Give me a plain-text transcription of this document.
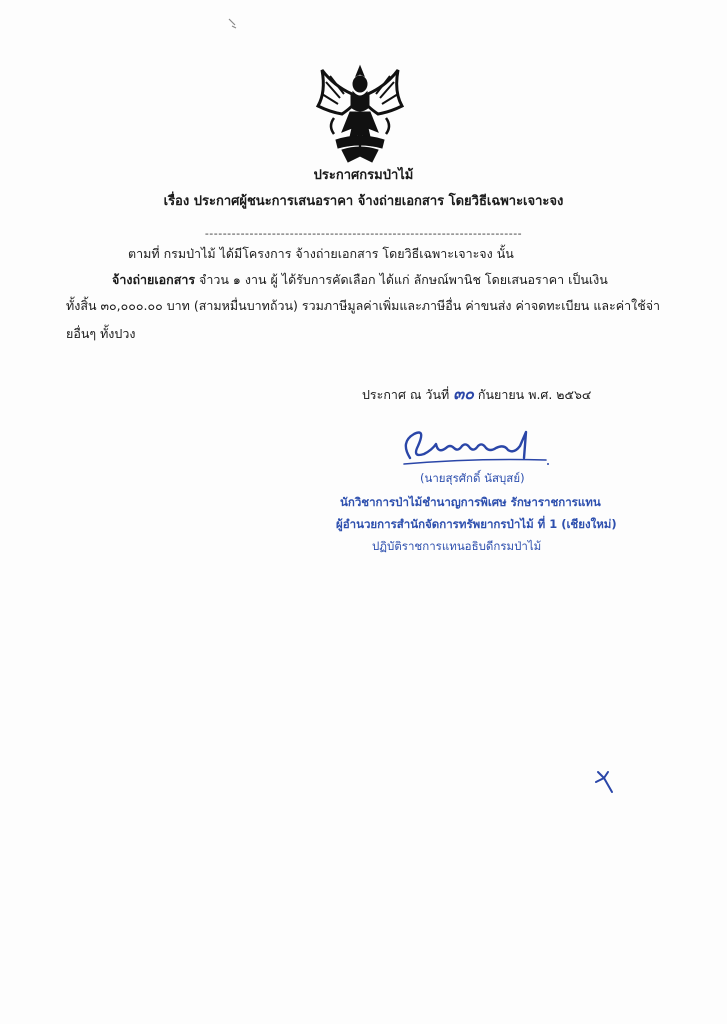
ประกาศกรมป่าไม้
เรื่อง ประกาศผู้ชนะการเสนอราคา จ้างถ่ายเอกสาร โดยวิธีเฉพาะเจาะจง
-----------------------------------------------------------------------
ตามที่ กรมป่าไม้ ได้มีโครงการ จ้างถ่ายเอกสาร โดยวิธีเฉพาะเจาะจง นั้น
จ้างถ่ายเอกสาร จำวน ๑ งาน ผู้ ได้รับการคัดเลือก ได้แก่ ลักษณ์พานิช โดยเสนอราคา เป็นเงิน
ทั้งสิ้น ๓๐,๐๐๐.๐๐ บาท (สามหมื่นบาทถ้วน) รวมภาษีมูลค่าเพิ่มและภาษีอื่น ค่าขนส่ง ค่าจดทะเบียน และค่าใช้จ่า
ยอื่นๆ ทั้งปวง
ประกาศ ณ วันที่ ๓๐ กันยายน พ.ศ. ๒๕๖๔
(นายสุรศักดิ์ นัสบุสย์)
นักวิชาการป่าไม้ชำนาญการพิเศษ รักษาราชการแทน
ผู้อำนวยการสำนักจัดการทรัพยากรป่าไม้ ที่ 1 (เชียงใหม่)
ปฏิบัติราชการแทนอธิบดีกรมป่าไม้
